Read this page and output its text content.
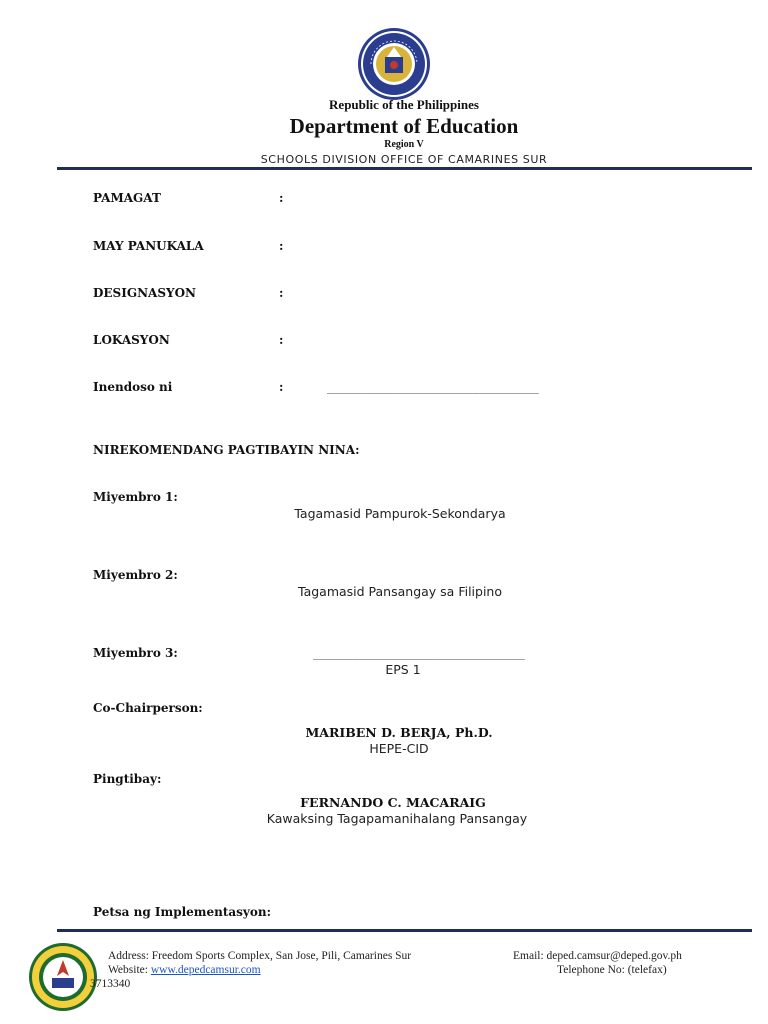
Republic of the Philippines
Department of Education
Region V
SCHOOLS DIVISION OFFICE OF CAMARINES SUR
PAMAGAT	:
MAY PANUKALA	:
DESIGNASYON	:
LOKASYON	:
Inendoso ni	:	________________________________
NIREKOMENDANG PAGTIBAYIN NINA:
Miyembro 1:
Tagamasid Pampurok-Sekondarya
Miyembro 2:
Tagamasid Pansangay sa Filipino
Miyembro 3:	________________________________
EPS 1
Co-Chairperson:
MARIBEN D. BERJA, Ph.D.
HEPE-CID
Pingtibay:
FERNANDO C. MACARAIG
Kawaksing Tagapamanihalang Pansangay
Petsa ng Implementasyon:
Address: Freedom Sports Complex, San Jose, Pili, Camarines Sur
Website: www.depedcamsur.com
3713340
Email: deped.camsur@deped.gov.ph
Telephone No: (telefax)
